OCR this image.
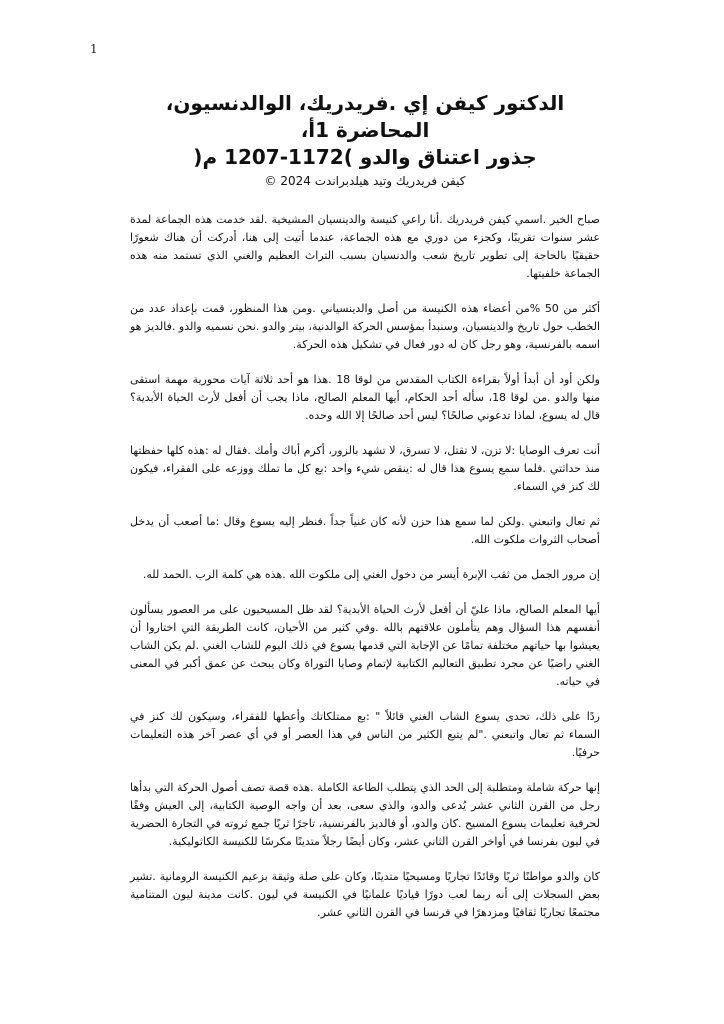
1
الدكتور كيفن إي .فريدريك، الوالدنسيون، المحاضرة 1أ،
جذور اعتناق والدو )1172-1207 م(
كيفن فريدريك وتيد هيلدبراندت 2024 ©

صباح الخير .اسمي كيفن فريدريك .أنا راعي كنيسة والدينسيان المشيخية .لقد خدمت هذه الجماعة لمدة عشر سنوات تقريبًا، وكجزء من دوري مع هذه الجماعة، عندما أتيت إلى هنا، أدركت أن هناك شعورًا حقيقيًا بالحاجة إلى تطوير تاريخ شعب والدنسيان بسبب التراث العظيم والغني الذي تستمد منه هذه الجماعة خلفيتها.

أكثر من 50 %من أعضاء هذه الكنيسة من أصل والدينسياني .ومن هذا المنظور، قمت بإعداد عدد من الخطب حول تاريخ والدينسيان، وسنبدأ بمؤسس الحركة الوالدنية، بيتر والدو .نحن نسميه والدو .فالديز هو اسمه بالفرنسية، وهو رجل كان له دور فعال في تشكيل هذه الحركة.

ولكن أود أن أبدأ أولاً بقراءة الكتاب المقدس من لوقا 18 .هذا هو أحد ثلاثة آيات محورية مهمة استقى منها والدو .من لوقا 18، سأله أحد الحكام، أيها المعلم الصالح، ماذا يجب أن أفعل لأرث الحياة الأبدية؟ قال له يسوع، لماذا تدعوني صالحًا؟ ليس أحد صالحًا إلا الله وحده.

أنت تعرف الوصايا :لا تزن، لا تقتل، لا تسرق، لا تشهد بالزور، أكرم أباك وأمك .فقال له :هذه كلها حفظتها منذ حداثتي .فلما سمع يسوع هذا قال له :ينقص شيء واحد :بع كل ما تملك ووزعه على الفقراء، فيكون لك كنز في السماء.

ثم تعال واتبعني .ولكن لما سمع هذا حزن لأنه كان غنياً جداً .فنظر إليه يسوع وقال :ما أصعب أن يدخل أصحاب الثروات ملكوت الله.

إن مرور الجمل من ثقب الإبرة أيسر من دخول الغني إلى ملكوت الله .هذه هي كلمة الرب .الحمد لله.

أيها المعلم الصالح، ماذا عليّ أن أفعل لأرث الحياة الأبدية؟ لقد ظل المسيحيون على مر العصور يسألون أنفسهم هذا السؤال وهم يتأملون علاقتهم بالله .وفي كثير من الأحيان، كانت الطريقة التي اختاروا أن يعيشوا بها حياتهم مختلفة تمامًا عن الإجابة التي قدمها يسوع في ذلك اليوم للشاب الغني .لم يكن الشاب الغني راضيًا عن مجرد تطبيق التعاليم الكتابية لإتمام وصايا التوراة وكان يبحث عن عمق أكبر في المعنى في حياته.

ردًا على ذلك، تحدى يسوع الشاب الغني قائلاً " :بع ممتلكاتك وأعطها للفقراء، وسيكون لك كنز في السماء ثم تعال واتبعني ."لم يتبع الكثير من الناس في هذا العصر أو في أي عصر آخر هذه التعليمات حرفيًا.

إنها حركة شاملة ومتطلبة إلى الحد الذي يتطلب الطاعة الكاملة .هذه قصة تصف أصول الحركة التي بدأها رجل من القرن الثاني عشر يُدعى والدو، والذي سعى، بعد أن واجه الوصية الكتابية، إلى العيش وفقًا لحرفية تعليمات يسوع المسيح .كان والدو، أو فالديز بالفرنسية، تاجرًا ثريًا جمع ثروته في التجارة الحضرية في ليون بفرنسا في أواخر القرن الثاني عشر، وكان أيضًا رجلاً متدينًا مكرسًا للكنيسة الكاثوليكية.

كان والدو مواطنًا ثريًا وقائدًا تجاريًا ومسيحيًا متدينًا، وكان على صلة وثيقة بزعيم الكنيسة الرومانية .تشير بعض السجلات إلى أنه ربما لعب دورًا قياديًا علمانيًا في الكنيسة في ليون .كانت مدينة ليون المتنامية مجتمعًا تجاريًا ثقافيًا ومزدهرًا في فرنسا في القرن الثاني عشر.
